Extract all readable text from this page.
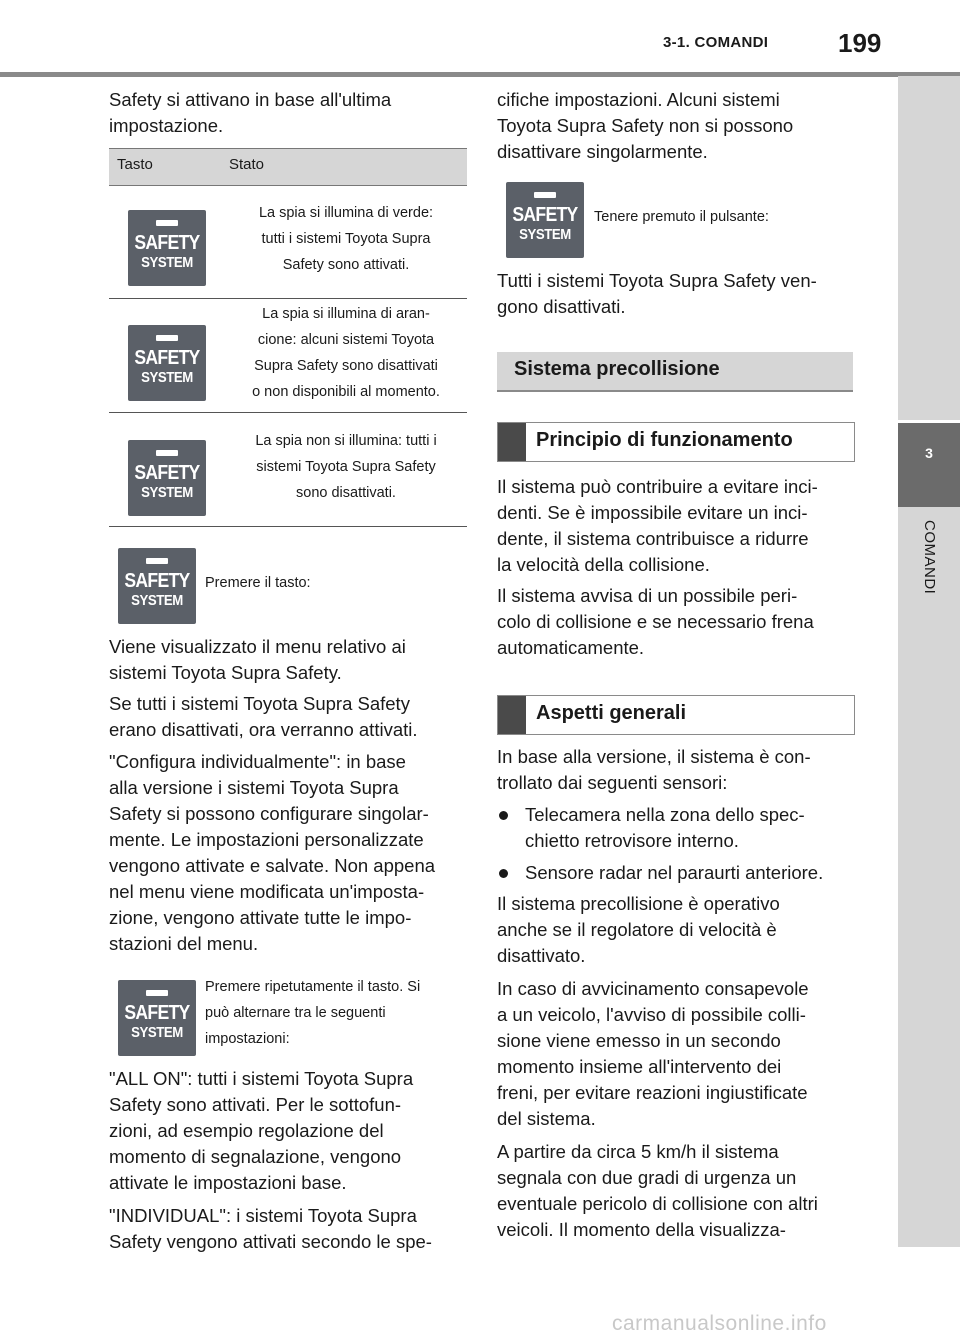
3-1. COMANDI	199
3
COMANDI

Safety si attivano in base all'ultima
impostazione.

Tasto	Stato
SAFETY
SYSTEM
La spia si illumina di verde:
tutti i sistemi Toyota Supra
Safety sono attivati.
SAFETY
SYSTEM
La spia si illumina di aran-
cione: alcuni sistemi Toyota
Supra Safety sono disattivati
o non disponibili al momento.
SAFETY
SYSTEM
La spia non si illumina: tutti i
sistemi Toyota Supra Safety
sono disattivati.
SAFETY
SYSTEM
Premere il tasto:

Viene visualizzato il menu relativo ai
sistemi Toyota Supra Safety.

Se tutti i sistemi Toyota Supra Safety
erano disattivati, ora verranno attivati.

"Configura individualmente": in base
alla versione i sistemi Toyota Supra
Safety si possono configurare singolar-
mente. Le impostazioni personalizzate
vengono attivate e salvate. Non appena
nel menu viene modificata un'imposta-
zione, vengono attivate tutte le impo-
stazioni del menu.

SAFETY
SYSTEM
Premere ripetutamente il tasto. Si
può alternare tra le seguenti
impostazioni:

"ALL ON": tutti i sistemi Toyota Supra
Safety sono attivati. Per le sottofun-
zioni, ad esempio regolazione del
momento di segnalazione, vengono
attivate le impostazioni base.

"INDIVIDUAL": i sistemi Toyota Supra
Safety vengono attivati secondo le spe-

cifiche impostazioni. Alcuni sistemi
Toyota Supra Safety non si possono
disattivare singolarmente.

SAFETY
SYSTEM
Tenere premuto il pulsante:

Tutti i sistemi Toyota Supra Safety ven-
gono disattivati.

Sistema precollisione
Principio di funzionamento

Il sistema può contribuire a evitare inci-
denti. Se è impossibile evitare un inci-
dente, il sistema contribuisce a ridurre
la velocità della collisione.

Il sistema avvisa di un possibile peri-
colo di collisione e se necessario frena
automaticamente.

Aspetti generali

In base alla versione, il sistema è con-
trollato dai seguenti sensori:

Telecamera nella zona dello spec-
chietto retrovisore interno.
Sensore radar nel paraurti anteriore.

Il sistema precollisione è operativo
anche se il regolatore di velocità è
disattivato.

In caso di avvicinamento consapevole
a un veicolo, l'avviso di possibile colli-
sione viene emesso in un secondo
momento insieme all'intervento dei
freni, per evitare reazioni ingiustificate
del sistema.

A partire da circa 5 km/h il sistema
segnala con due gradi di urgenza un
eventuale pericolo di collisione con altri
veicoli. Il momento della visualizza-

carmanualsonline.info
